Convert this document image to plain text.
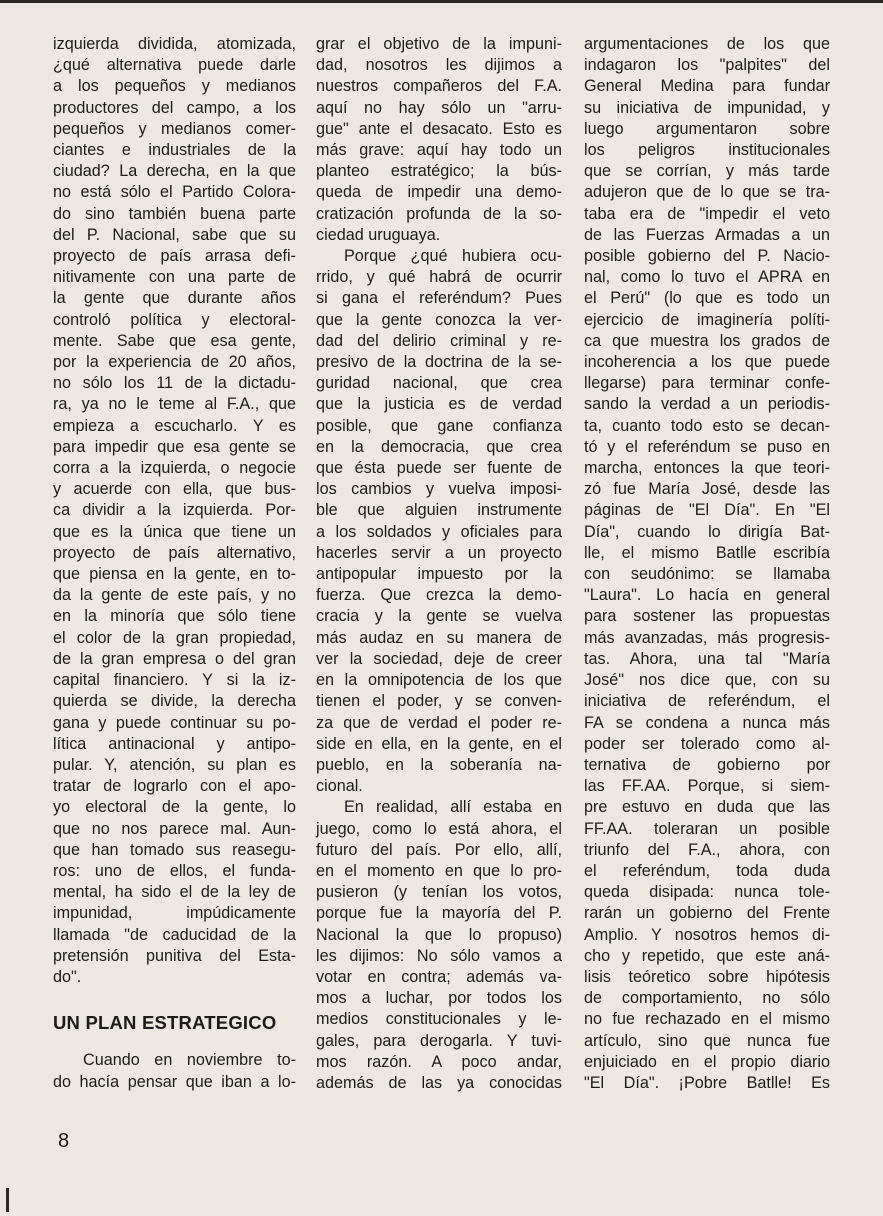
izquierda dividida, atomizada,
¿qué alternativa puede darle
a los pequeños y medianos
productores del campo, a los
pequeños y medianos comer-
ciantes e industriales de la
ciudad? La derecha, en la que
no está sólo el Partido Colora-
do sino también buena parte
del P. Nacional, sabe que su
proyecto de país arrasa defi-
nitivamente con una parte de
la gente que durante años
controló política y electoral-
mente. Sabe que esa gente,
por la experiencia de 20 años,
no sólo los 11 de la dictadu-
ra, ya no le teme al F.A., que
empieza a escucharlo. Y es
para impedir que esa gente se
corra a la izquierda, o negocie
y acuerde con ella, que bus-
ca dividir a la izquierda. Por-
que es la única que tiene un
proyecto de país alternativo,
que piensa en la gente, en to-
da la gente de este país, y no
en la minoría que sólo tiene
el color de la gran propiedad,
de la gran empresa o del gran
capital financiero. Y si la iz-
quierda se divide, la derecha
gana y puede continuar su po-
lítica antinacional y antipo-
pular. Y, atención, su plan es
tratar de lograrlo con el apo-
yo electoral de la gente, lo
que no nos parece mal. Aun-
que han tomado sus reasegu-
ros: uno de ellos, el funda-
mental, ha sido el de la ley de
impunidad, impúdicamente
llamada "de caducidad de la
pretensión punitiva del Esta-
do".
UN PLAN ESTRATEGICO
Cuando en noviembre to-
do hacía pensar que iban a lo-
grar el objetivo de la impuni-
dad, nosotros les dijimos a
nuestros compañeros del F.A.
aquí no hay sólo un "arru-
gue" ante el desacato. Esto es
más grave: aquí hay todo un
planteo estratégico; la bús-
queda de impedir una demo-
cratización profunda de la so-
ciedad uruguaya.
Porque ¿qué hubiera ocu-
rrido, y qué habrá de ocurrir
si gana el referéndum? Pues
que la gente conozca la ver-
dad del delirio criminal y re-
presivo de la doctrina de la se-
guridad nacional, que crea
que la justicia es de verdad
posible, que gane confianza
en la democracia, que crea
que ésta puede ser fuente de
los cambios y vuelva imposi-
ble que alguien instrumente
a los soldados y oficiales para
hacerles servir a un proyecto
antipopular impuesto por la
fuerza. Que crezca la demo-
cracia y la gente se vuelva
más audaz en su manera de
ver la sociedad, deje de creer
en la omnipotencia de los que
tienen el poder, y se conven-
za que de verdad el poder re-
side en ella, en la gente, en el
pueblo, en la soberanía na-
cional.
En realidad, allí estaba en
juego, como lo está ahora, el
futuro del país. Por ello, allí,
en el momento en que lo pro-
pusieron (y tenían los votos,
porque fue la mayoría del P.
Nacional la que lo propuso)
les dijimos: No sólo vamos a
votar en contra; además va-
mos a luchar, por todos los
medios constitucionales y le-
gales, para derogarla. Y tuvi-
mos razón. A poco andar,
además de las ya conocidas
argumentaciones de los que
indagaron los "palpites" del
General Medina para fundar
su iniciativa de impunidad, y
luego argumentaron sobre
los peligros institucionales
que se corrían, y más tarde
adujeron que de lo que se tra-
taba era de "impedir el veto
de las Fuerzas Armadas a un
posible gobierno del P. Nacio-
nal, como lo tuvo el APRA en
el Perú" (lo que es todo un
ejercicio de imaginería políti-
ca que muestra los grados de
incoherencia a los que puede
llegarse) para terminar confe-
sando la verdad a un periodis-
ta, cuanto todo esto se decan-
tó y el referéndum se puso en
marcha, entonces la que teori-
zó fue María José, desde las
páginas de "El Día". En "El
Día", cuando lo dirigía Bat-
lle, el mismo Batlle escribía
con seudónimo: se llamaba
"Laura". Lo hacía en general
para sostener las propuestas
más avanzadas, más progresis-
tas. Ahora, una tal "María
José" nos dice que, con su
iniciativa de referéndum, el
FA se condena a nunca más
poder ser tolerado como al-
ternativa de gobierno por
las FF.AA. Porque, si siem-
pre estuvo en duda que las
FF.AA. toleraran un posible
triunfo del F.A., ahora, con
el referéndum, toda duda
queda disipada: nunca tole-
rarán un gobierno del Frente
Amplio. Y nosotros hemos di-
cho y repetido, que este aná-
lisis teóretico sobre hipótesis
de comportamiento, no sólo
no fue rechazado en el mismo
artículo, sino que nunca fue
enjuiciado en el propio diario
"El Día". ¡Pobre Batlle! Es
8
